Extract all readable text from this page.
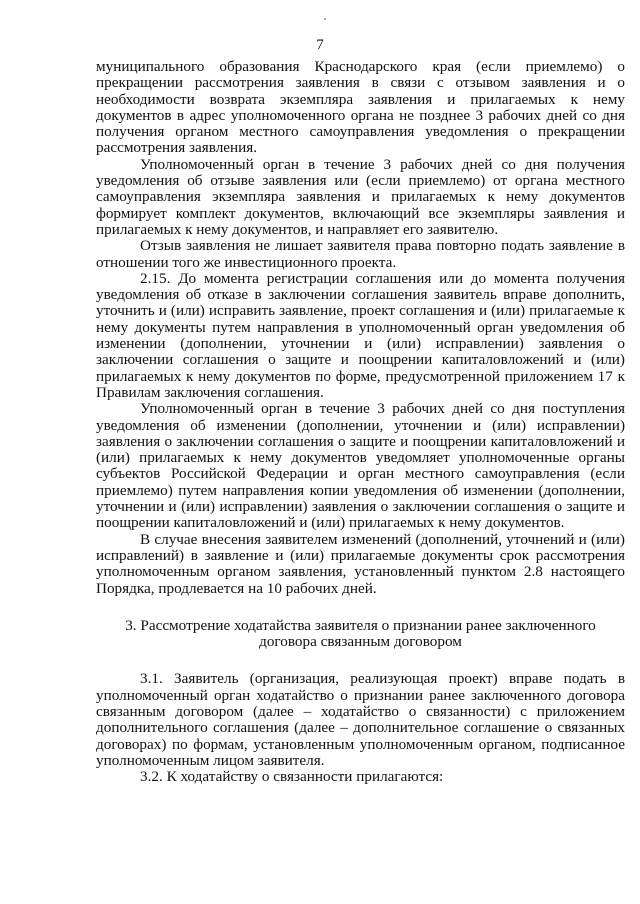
7

муниципального образования Краснодарского края (если приемлемо) о прекращении рассмотрения заявления в связи с отзывом заявления и о необходимости возврата экземпляра заявления и прилагаемых к нему документов в адрес уполномоченного органа не позднее 3 рабочих дней со дня получения органом местного самоуправления уведомления о прекращении рассмотрения заявления.

Уполномоченный орган в течение 3 рабочих дней со дня получения уведомления об отзыве заявления или (если приемлемо) от органа местного самоуправления экземпляра заявления и прилагаемых к нему документов формирует комплект документов, включающий все экземпляры заявления и прилагаемых к нему документов, и направляет его заявителю.

Отзыв заявления не лишает заявителя права повторно подать заявление в отношении того же инвестиционного проекта.

2.15. До момента регистрации соглашения или до момента получения уведомления об отказе в заключении соглашения заявитель вправе дополнить, уточнить и (или) исправить заявление, проект соглашения и (или) прилагаемые к нему документы путем направления в уполномоченный орган уведомления об изменении (дополнении, уточнении и (или) исправлении) заявления о заключении соглашения о защите и поощрении капиталовложений и (или) прилагаемых к нему документов по форме, предусмотренной приложением 17 к Правилам заключения соглашения.

Уполномоченный орган в течение 3 рабочих дней со дня поступления уведомления об изменении (дополнении, уточнении и (или) исправлении) заявления о заключении соглашения о защите и поощрении капиталовложений и (или) прилагаемых к нему документов уведомляет уполномоченные органы субъектов Российской Федерации и орган местного самоуправления (если приемлемо) путем направления копии уведомления об изменении (дополнении, уточнении и (или) исправлении) заявления о заключении соглашения о защите и поощрении капиталовложений и (или) прилагаемых к нему документов.

В случае внесения заявителем изменений (дополнений, уточнений и (или) исправлений) в заявление и (или) прилагаемые документы срок рассмотрения уполномоченным органом заявления, установленный пунктом 2.8 настоящего Порядка, продлевается на 10 рабочих дней.

3. Рассмотрение ходатайства заявителя о признании ранее заключенного

договора связанным договором

3.1. Заявитель (организация, реализующая проект) вправе подать в уполномоченный орган ходатайство о признании ранее заключенного договора связанным договором (далее – ходатайство о связанности) с приложением дополнительного соглашения (далее – дополнительное соглашение о связанных договорах) по формам, установленным уполномоченным органом, подписанное уполномоченным лицом заявителя.

3.2. К ходатайству о связанности прилагаются:
